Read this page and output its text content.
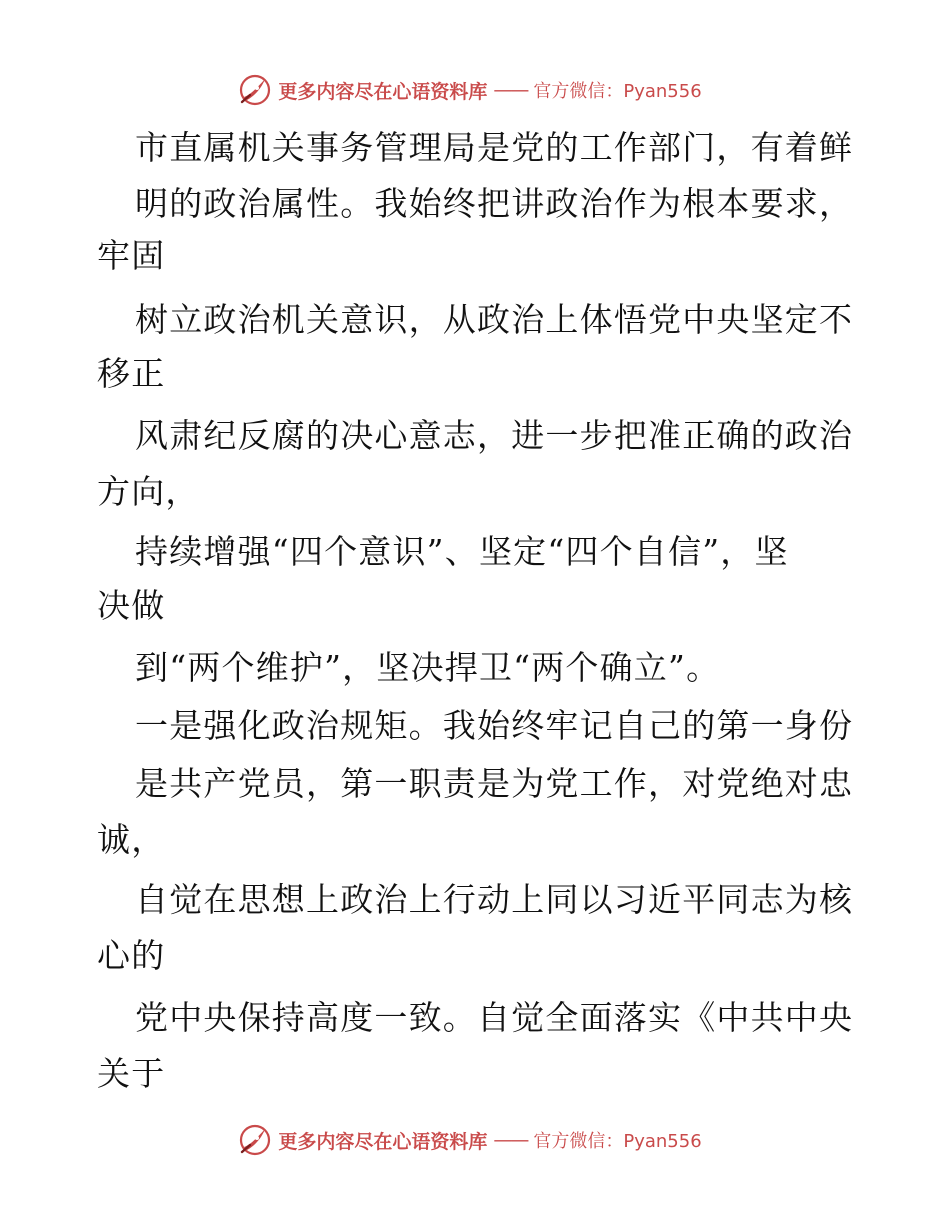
更多内容尽在心语资料库 —— 官方微信：Pyan556
市直属机关事务管理局是党的工作部门，有着鲜
明的政治属性。我始终把讲政治作为根本要求，
牢固
树立政治机关意识，从政治上体悟党中央坚定不
移正
风肃纪反腐的决心意志，进一步把准正确的政治
方向，
持续增强“四个意识”、坚定“四个自信”，坚
决做
到“两个维护”，坚决捍卫“两个确立”。
一是强化政治规矩。我始终牢记自己的第一身份
是共产党员，第一职责是为党工作，对党绝对忠
诚，
自觉在思想上政治上行动上同以习近平同志为核
心的
党中央保持高度一致。自觉全面落实《中共中央
关于
更多内容尽在心语资料库 —— 官方微信：Pyan556
